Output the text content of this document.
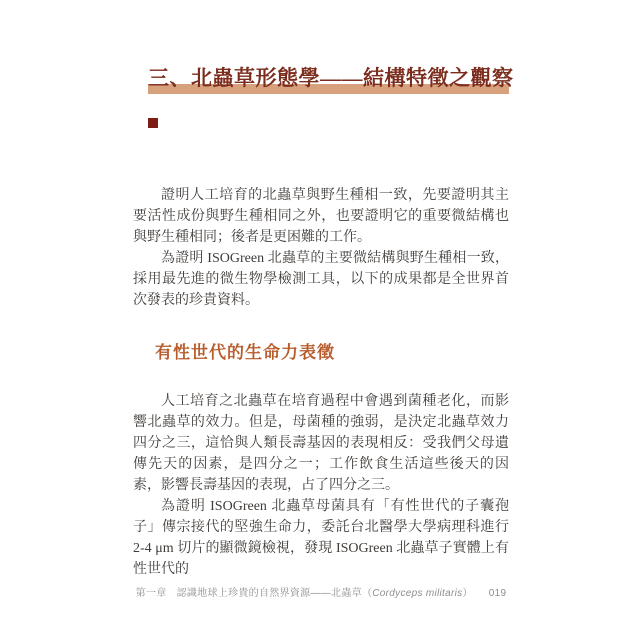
三、北蟲草形態學——結構特徵之觀察

證明人工培育的北蟲草與野生種相一致，先要證明其主要活性成份與野生種相同之外，也要證明它的重要微結構也與野生種相同；後者是更困難的工作。

為證明 ISOGreen 北蟲草的主要微結構與野生種相一致，採用最先進的微生物學檢測工具，以下的成果都是全世界首次發表的珍貴資料。

有性世代的生命力表徵

人工培育之北蟲草在培育過程中會遇到菌種老化，而影響北蟲草的效力。但是，母菌種的強弱，是決定北蟲草效力四分之三，這恰與人類長壽基因的表現相反：受我們父母遺傳先天的因素，是四分之一；工作飲食生活這些後天的因素，影響長壽基因的表現，占了四分之三。

為證明 ISOGreen 北蟲草母菌具有「有性世代的子囊孢子」傳宗接代的堅強生命力，委託台北醫學大學病理科進行 2-4 μm 切片的顯微鏡檢視，發現 ISOGreen 北蟲草子實體上有性世代的

第一章 認識地球上珍貴的自然界資源——北蟲草（Cordyceps militaris） 019
